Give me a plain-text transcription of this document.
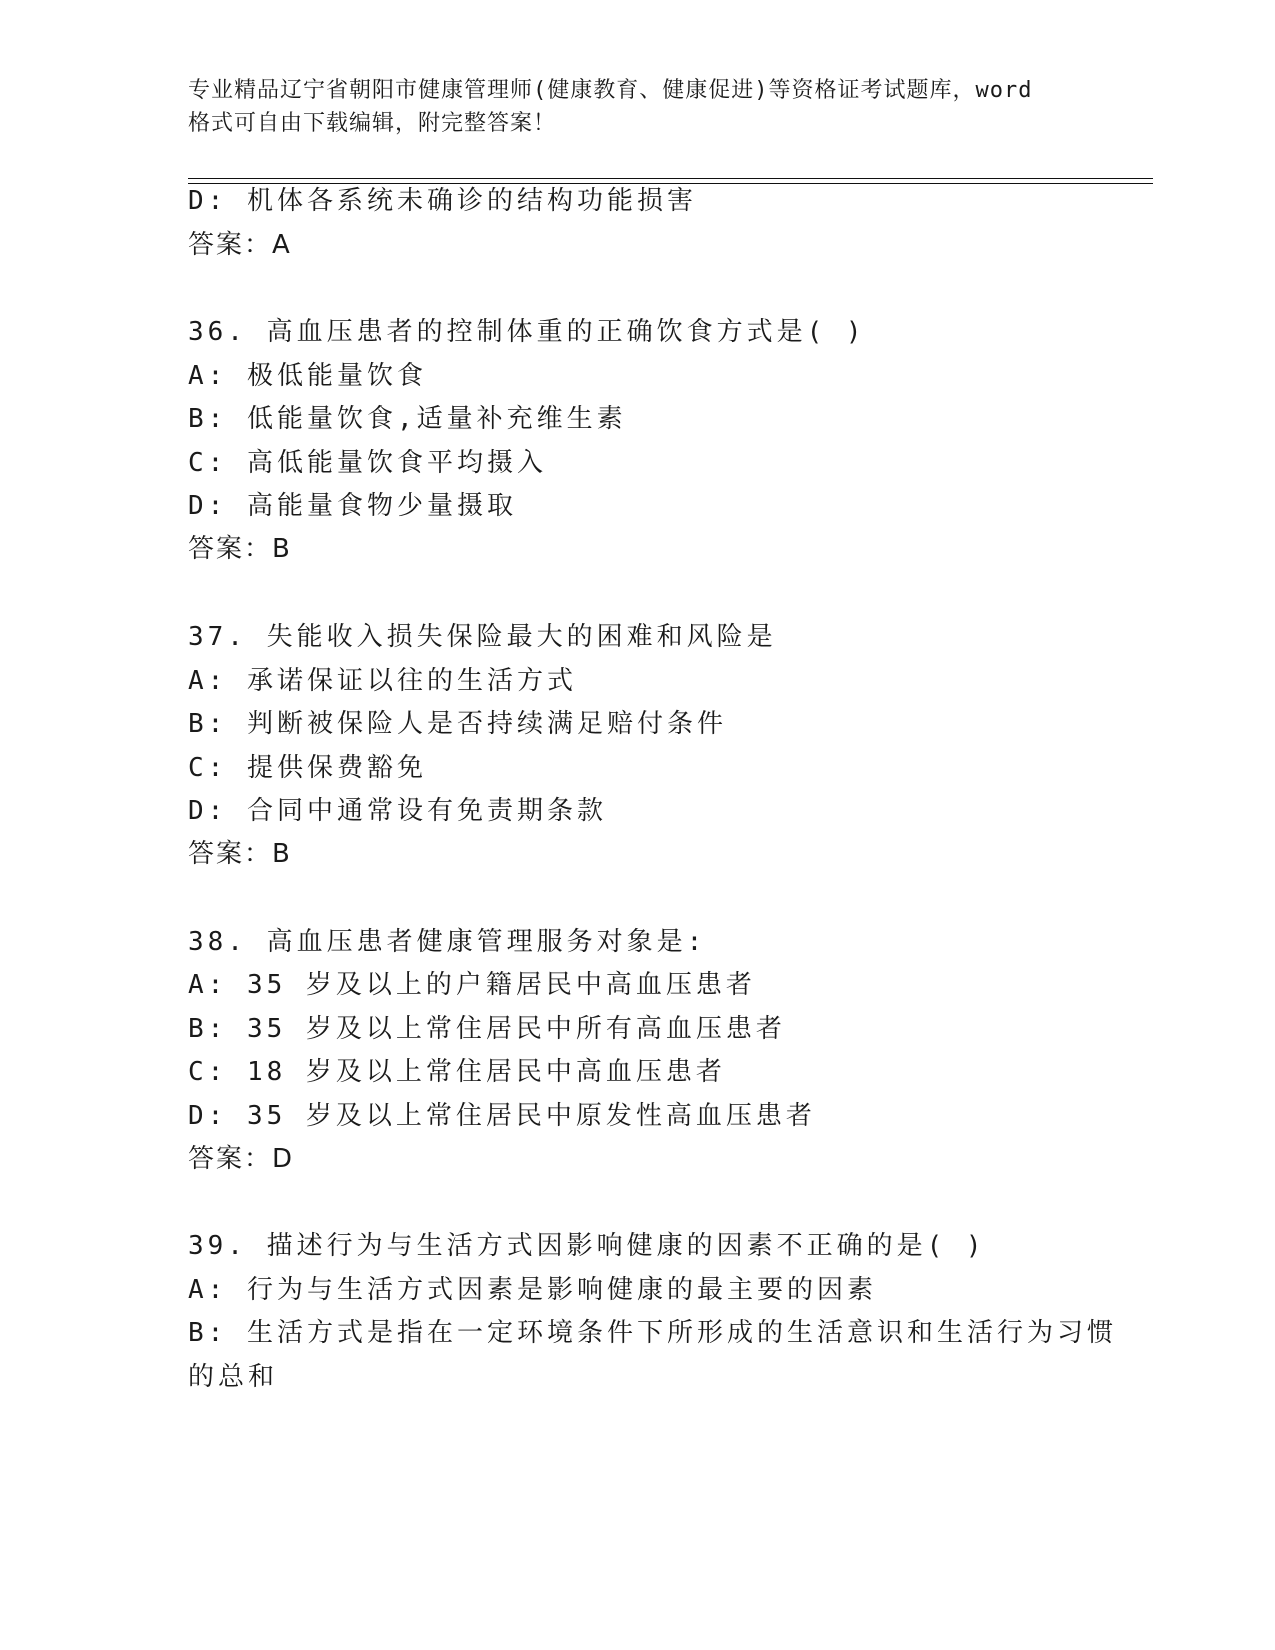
专业精品辽宁省朝阳市健康管理师(健康教育、健康促进)等资格证考试题库，word
格式可自由下载编辑，附完整答案！
D: 机体各系统未确诊的结构功能损害
答案：A
36. 高血压患者的控制体重的正确饮食方式是( )
A: 极低能量饮食
B: 低能量饮食,适量补充维生素
C: 高低能量饮食平均摄入
D: 高能量食物少量摄取
答案：B
37. 失能收入损失保险最大的困难和风险是
A: 承诺保证以往的生活方式
B: 判断被保险人是否持续满足赔付条件
C: 提供保费豁免
D: 合同中通常设有免责期条款
答案：B
38. 高血压患者健康管理服务对象是:
A: 35 岁及以上的户籍居民中高血压患者
B: 35 岁及以上常住居民中所有高血压患者
C: 18 岁及以上常住居民中高血压患者
D: 35 岁及以上常住居民中原发性高血压患者
答案：D
39. 描述行为与生活方式因影响健康的因素不正确的是( )
A: 行为与生活方式因素是影响健康的最主要的因素
B: 生活方式是指在一定环境条件下所形成的生活意识和生活行为习惯
的总和
